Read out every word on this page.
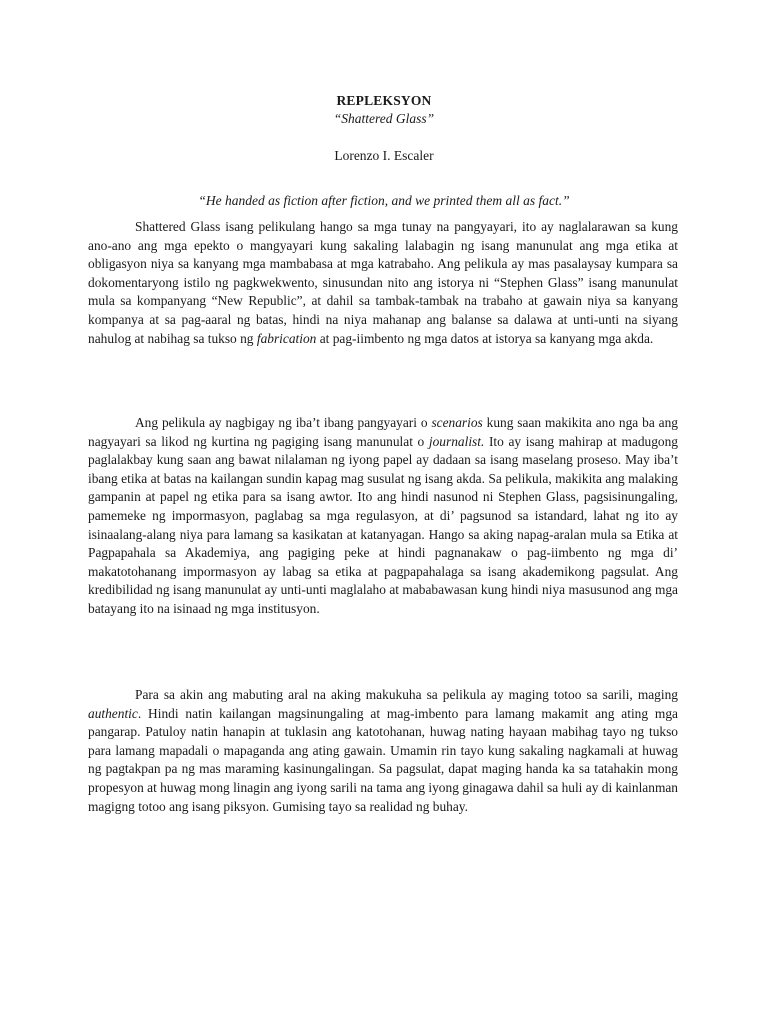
REPLEKSYON
“Shattered Glass”
Lorenzo I. Escaler
“He handed as fiction after fiction, and we printed them all as fact.”

Shattered Glass isang pelikulang hango sa mga tunay na pangyayari, ito ay naglalarawan sa kung ano-ano ang mga epekto o mangyayari kung sakaling lalabagin ng isang manunulat ang mga etika at obligasyon niya sa kanyang mga mambabasa at mga katrabaho. Ang pelikula ay mas pasalaysay kumpara sa dokomentaryong istilo ng pagkwekwento, sinusundan nito ang istorya ni “Stephen Glass” isang manunulat mula sa kompanyang “New Republic”, at dahil sa tambak-tambak na trabaho at gawain niya sa kanyang kompanya at sa pag-aaral ng batas, hindi na niya mahanap ang balanse sa dalawa at unti-unti na siyang nahulog at nabihag sa tukso ng fabrication at pag-iimbento ng mga datos at istorya sa kanyang mga akda.

Ang pelikula ay nagbigay ng iba’t ibang pangyayari o scenarios kung saan makikita ano nga ba ang nagyayari sa likod ng kurtina ng pagiging isang manunulat o journalist. Ito ay isang mahirap at madugong paglalakbay kung saan ang bawat nilalaman ng iyong papel ay dadaan sa isang maselang proseso. May iba’t ibang etika at batas na kailangan sundin kapag mag susulat ng isang akda. Sa pelikula, makikita ang malaking gampanin at papel ng etika para sa isang awtor. Ito ang hindi nasunod ni Stephen Glass, pagsisinungaling, pamemeke ng impormasyon, paglabag sa mga regulasyon, at di’ pagsunod sa istandard, lahat ng ito ay isinaalang-alang niya para lamang sa kasikatan at katanyagan. Hango sa aking napag-aralan mula sa Etika at Pagpapahala sa Akademiya, ang pagiging peke at hindi pagnanakaw o pag-iimbento ng mga di’ makatotohanang impormasyon ay labag sa etika at pagpapahalaga sa isang akademikong pagsulat. Ang kredibilidad ng isang manunulat ay unti-unti maglalaho at mababawasan kung hindi niya masusunod ang mga batayang ito na isinaad ng mga institusyon.

Para sa akin ang mabuting aral na aking makukuha sa pelikula ay maging totoo sa sarili, maging authentic. Hindi natin kailangan magsinungaling at mag-imbento para lamang makamit ang ating mga pangarap. Patuloy natin hanapin at tuklasin ang katotohanan, huwag nating hayaan mabihag tayo ng tukso para lamang mapadali o mapaganda ang ating gawain. Umamin rin tayo kung sakaling nagkamali at huwag ng pagtakpan pa ng mas maraming kasinungalingan. Sa pagsulat, dapat maging handa ka sa tatahakin mong propesyon at huwag mong linagin ang iyong sarili na tama ang iyong ginagawa dahil sa huli ay di kainlanman magigng totoo ang isang piksyon. Gumising tayo sa realidad ng buhay.
